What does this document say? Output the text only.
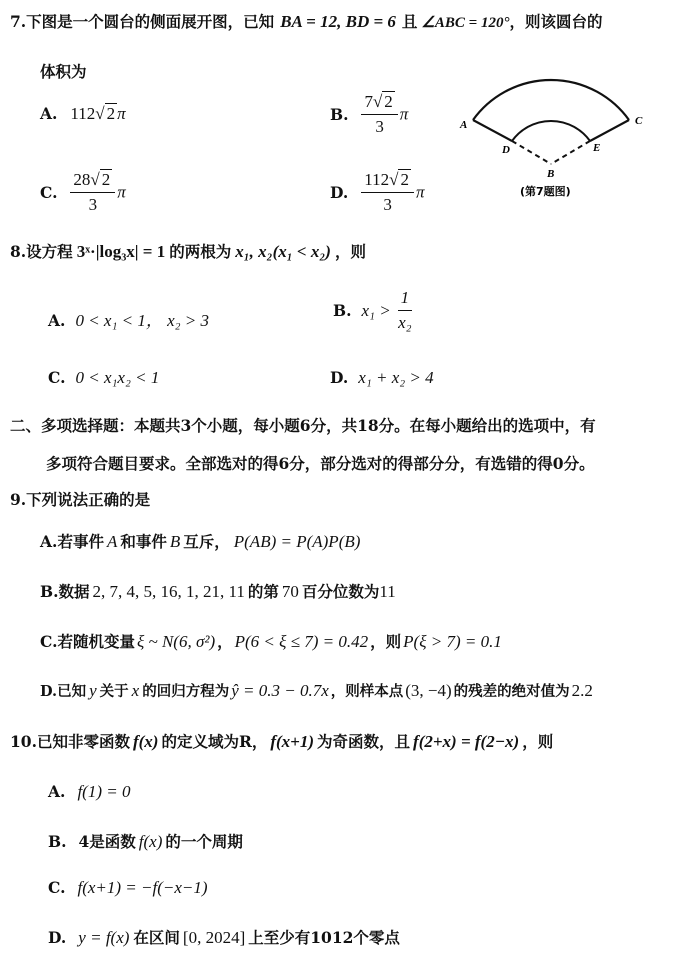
7.下图是一个圆台的侧面展开图，已知 BA = 12, BD = 6 且 ∠ABC = 120°，则该圆台的
体积为
A. 112√ 2 π	B. $\frac{7√ 2}{3}$ π
C. $\frac{28√ 2}{3}$ π	D. $\frac{112√ 2}{3}$ π
A	C
D	E
B
(第7题图)
8.设方程 3ˣ·|log₃x| = 1 的两根为 x₁, x₂(x₁ < x₂) ，则
A. 0 < x₁ < 1， x₂ > 3
B. $x_1 > \frac{1}{\text{x₂}}$
C. 0 < x₁x₂ < 1	D. x₁ + x₂ > 4
二、多项选择题：本题共3个小题，每小题6分，共18分。在每小题给出的选项中，有
多项符合题目要求。全部选对的得6分，部分选对的得部分分，有选错的得0分。
9.下列说法正确的是
A.若事件 A 和事件 B 互斥， P(AB) = P(A)P(B)
B.数据 2, 7, 4, 5, 16, 1, 21, 11 的第 70 百分位数为11
C.若随机变量 ξ ~ N(6, σ²) ， P(6 < ξ ≤ 7) = 0.42 ，则 P(ξ > 7) = 0.1
D.已知 y 关于 x 的回归方程为 ŷ = 0.3 − 0.7x ，则样本点 (3, −4) 的残差的绝对值为 2.2
10.已知非零函数 f(x) 的定义域为R， f(x+1) 为奇函数，且 f(2+x) = f(2−x) ，则
A. f(1) = 0
B. 4是函数 f(x) 的一个周期
C. f(x+1) = −f(−x−1)
D. y = f(x) 在区间 [0, 2024] 上至少有1012个零点
